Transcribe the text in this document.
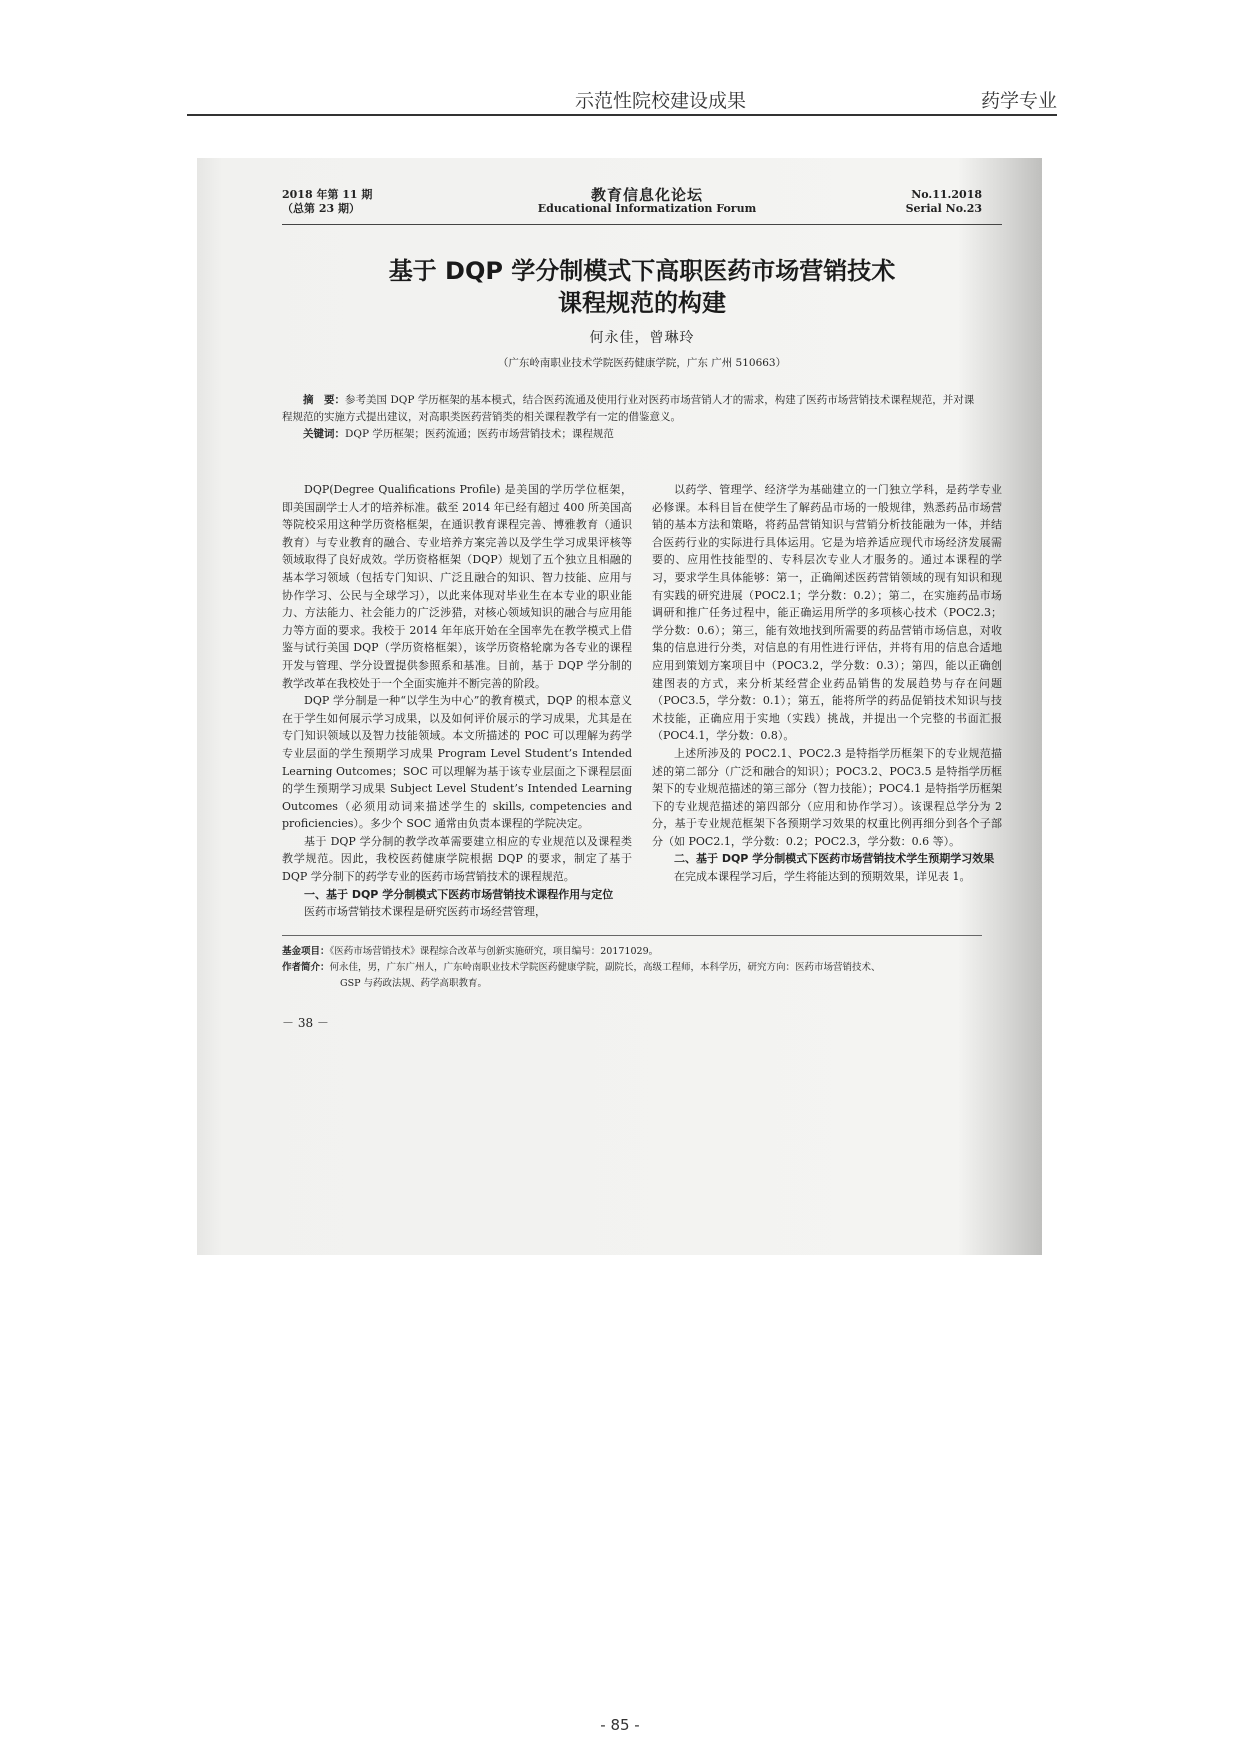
示范性院校建设成果	药学专业
2018 年第 11 期
（总第 23 期）
教育信息化论坛
Educational Informatization Forum
No.11.2018
Serial No.23
基于 DQP 学分制模式下高职医药市场营销技术
课程规范的构建
何永佳，曾琳玲
（广东岭南职业技术学院医药健康学院，广东 广州 510663）

摘　要：参考美国 DQP 学历框架的基本模式，结合医药流通及使用行业对医药市场营销人才的需求，构建了医药市场营销技术课程规范，并对课程规范的实施方式提出建议，对高职类医药营销类的相关课程教学有一定的借鉴意义。

关键词：DQP 学历框架；医药流通；医药市场营销技术；课程规范

DQP(Degree Qualifications Profile) 是美国的学历学位框架，即美国副学士人才的培养标准。截至 2014 年已经有超过 400 所美国高等院校采用这种学历资格框架，在通识教育课程完善、博雅教育（通识教育）与专业教育的融合、专业培养方案完善以及学生学习成果评核等领域取得了良好成效。学历资格框架（DQP）规划了五个独立且相融的基本学习领域（包括专门知识、广泛且融合的知识、智力技能、应用与协作学习、公民与全球学习），以此来体现对毕业生在本专业的职业能力、方法能力、社会能力的广泛涉猎，对核心领域知识的融合与应用能力等方面的要求。我校于 2014 年年底开始在全国率先在教学模式上借鉴与试行美国 DQP（学历资格框架），该学历资格轮廓为各专业的课程开发与管理、学分设置提供参照系和基准。目前，基于 DQP 学分制的教学改革在我校处于一个全面实施并不断完善的阶段。

DQP 学分制是一种“以学生为中心”的教育模式，DQP 的根本意义在于学生如何展示学习成果，以及如何评价展示的学习成果，尤其是在专门知识领域以及智力技能领域。本文所描述的 POC 可以理解为药学专业层面的学生预期学习成果 Program Level Student’s Intended Learning Outcomes；SOC 可以理解为基于该专业层面之下课程层面的学生预期学习成果 Subject Level Student’s Intended Learning Outcomes（必须用动词来描述学生的 skills, competencies and proficiencies）。多少个 SOC 通常由负责本课程的学院决定。

基于 DQP 学分制的教学改革需要建立相应的专业规范以及课程类教学规范。因此，我校医药健康学院根据 DQP 的要求，制定了基于 DQP 学分制下的药学专业的医药市场营销技术的课程规范。

一、基于 DQP 学分制模式下医药市场营销技术课程作用与定位

医药市场营销技术课程是研究医药市场经营管理，

以药学、管理学、经济学为基础建立的一门独立学科，是药学专业必修课。本科目旨在使学生了解药品市场的一般规律，熟悉药品市场营销的基本方法和策略，将药品营销知识与营销分析技能融为一体，并结合医药行业的实际进行具体运用。它是为培养适应现代市场经济发展需要的、应用性技能型的、专科层次专业人才服务的。通过本课程的学习，要求学生具体能够：第一，正确阐述医药营销领域的现有知识和现有实践的研究进展（POC2.1；学分数：0.2）；第二，在实施药品市场调研和推广任务过程中，能正确运用所学的多项核心技术（POC2.3；学分数：0.6）；第三，能有效地找到所需要的药品营销市场信息，对收集的信息进行分类，对信息的有用性进行评估，并将有用的信息合适地应用到策划方案项目中（POC3.2，学分数：0.3）；第四，能以正确创建图表的方式，来分析某经营企业药品销售的发展趋势与存在问题（POC3.5，学分数：0.1）；第五，能将所学的药品促销技术知识与技术技能，正确应用于实地（实践）挑战，并提出一个完整的书面汇报（POC4.1，学分数：0.8）。

上述所涉及的 POC2.1、POC2.3 是特指学历框架下的专业规范描述的第二部分（广泛和融合的知识）；POC3.2、POC3.5 是特指学历框架下的专业规范描述的第三部分（智力技能）；POC4.1 是特指学历框架下的专业规范描述的第四部分（应用和协作学习）。该课程总学分为 2 分，基于专业规范框架下各预期学习效果的权重比例再细分到各个子部分（如 POC2.1，学分数：0.2；POC2.3，学分数：0.6 等）。

二、基于 DQP 学分制模式下医药市场营销技术学生预期学习效果

在完成本课程学习后，学生将能达到的预期效果，详见表 1。

基金项目：《医药市场营销技术》课程综合改革与创新实施研究，项目编号：20171029。

作者简介：何永佳，男，广东广州人，广东岭南职业技术学院医药健康学院，副院长，高级工程师，本科学历，研究方向：医药市场营销技术、

GSP 与药政法规、药学高职教育。

－ 38 －
- 85 -
